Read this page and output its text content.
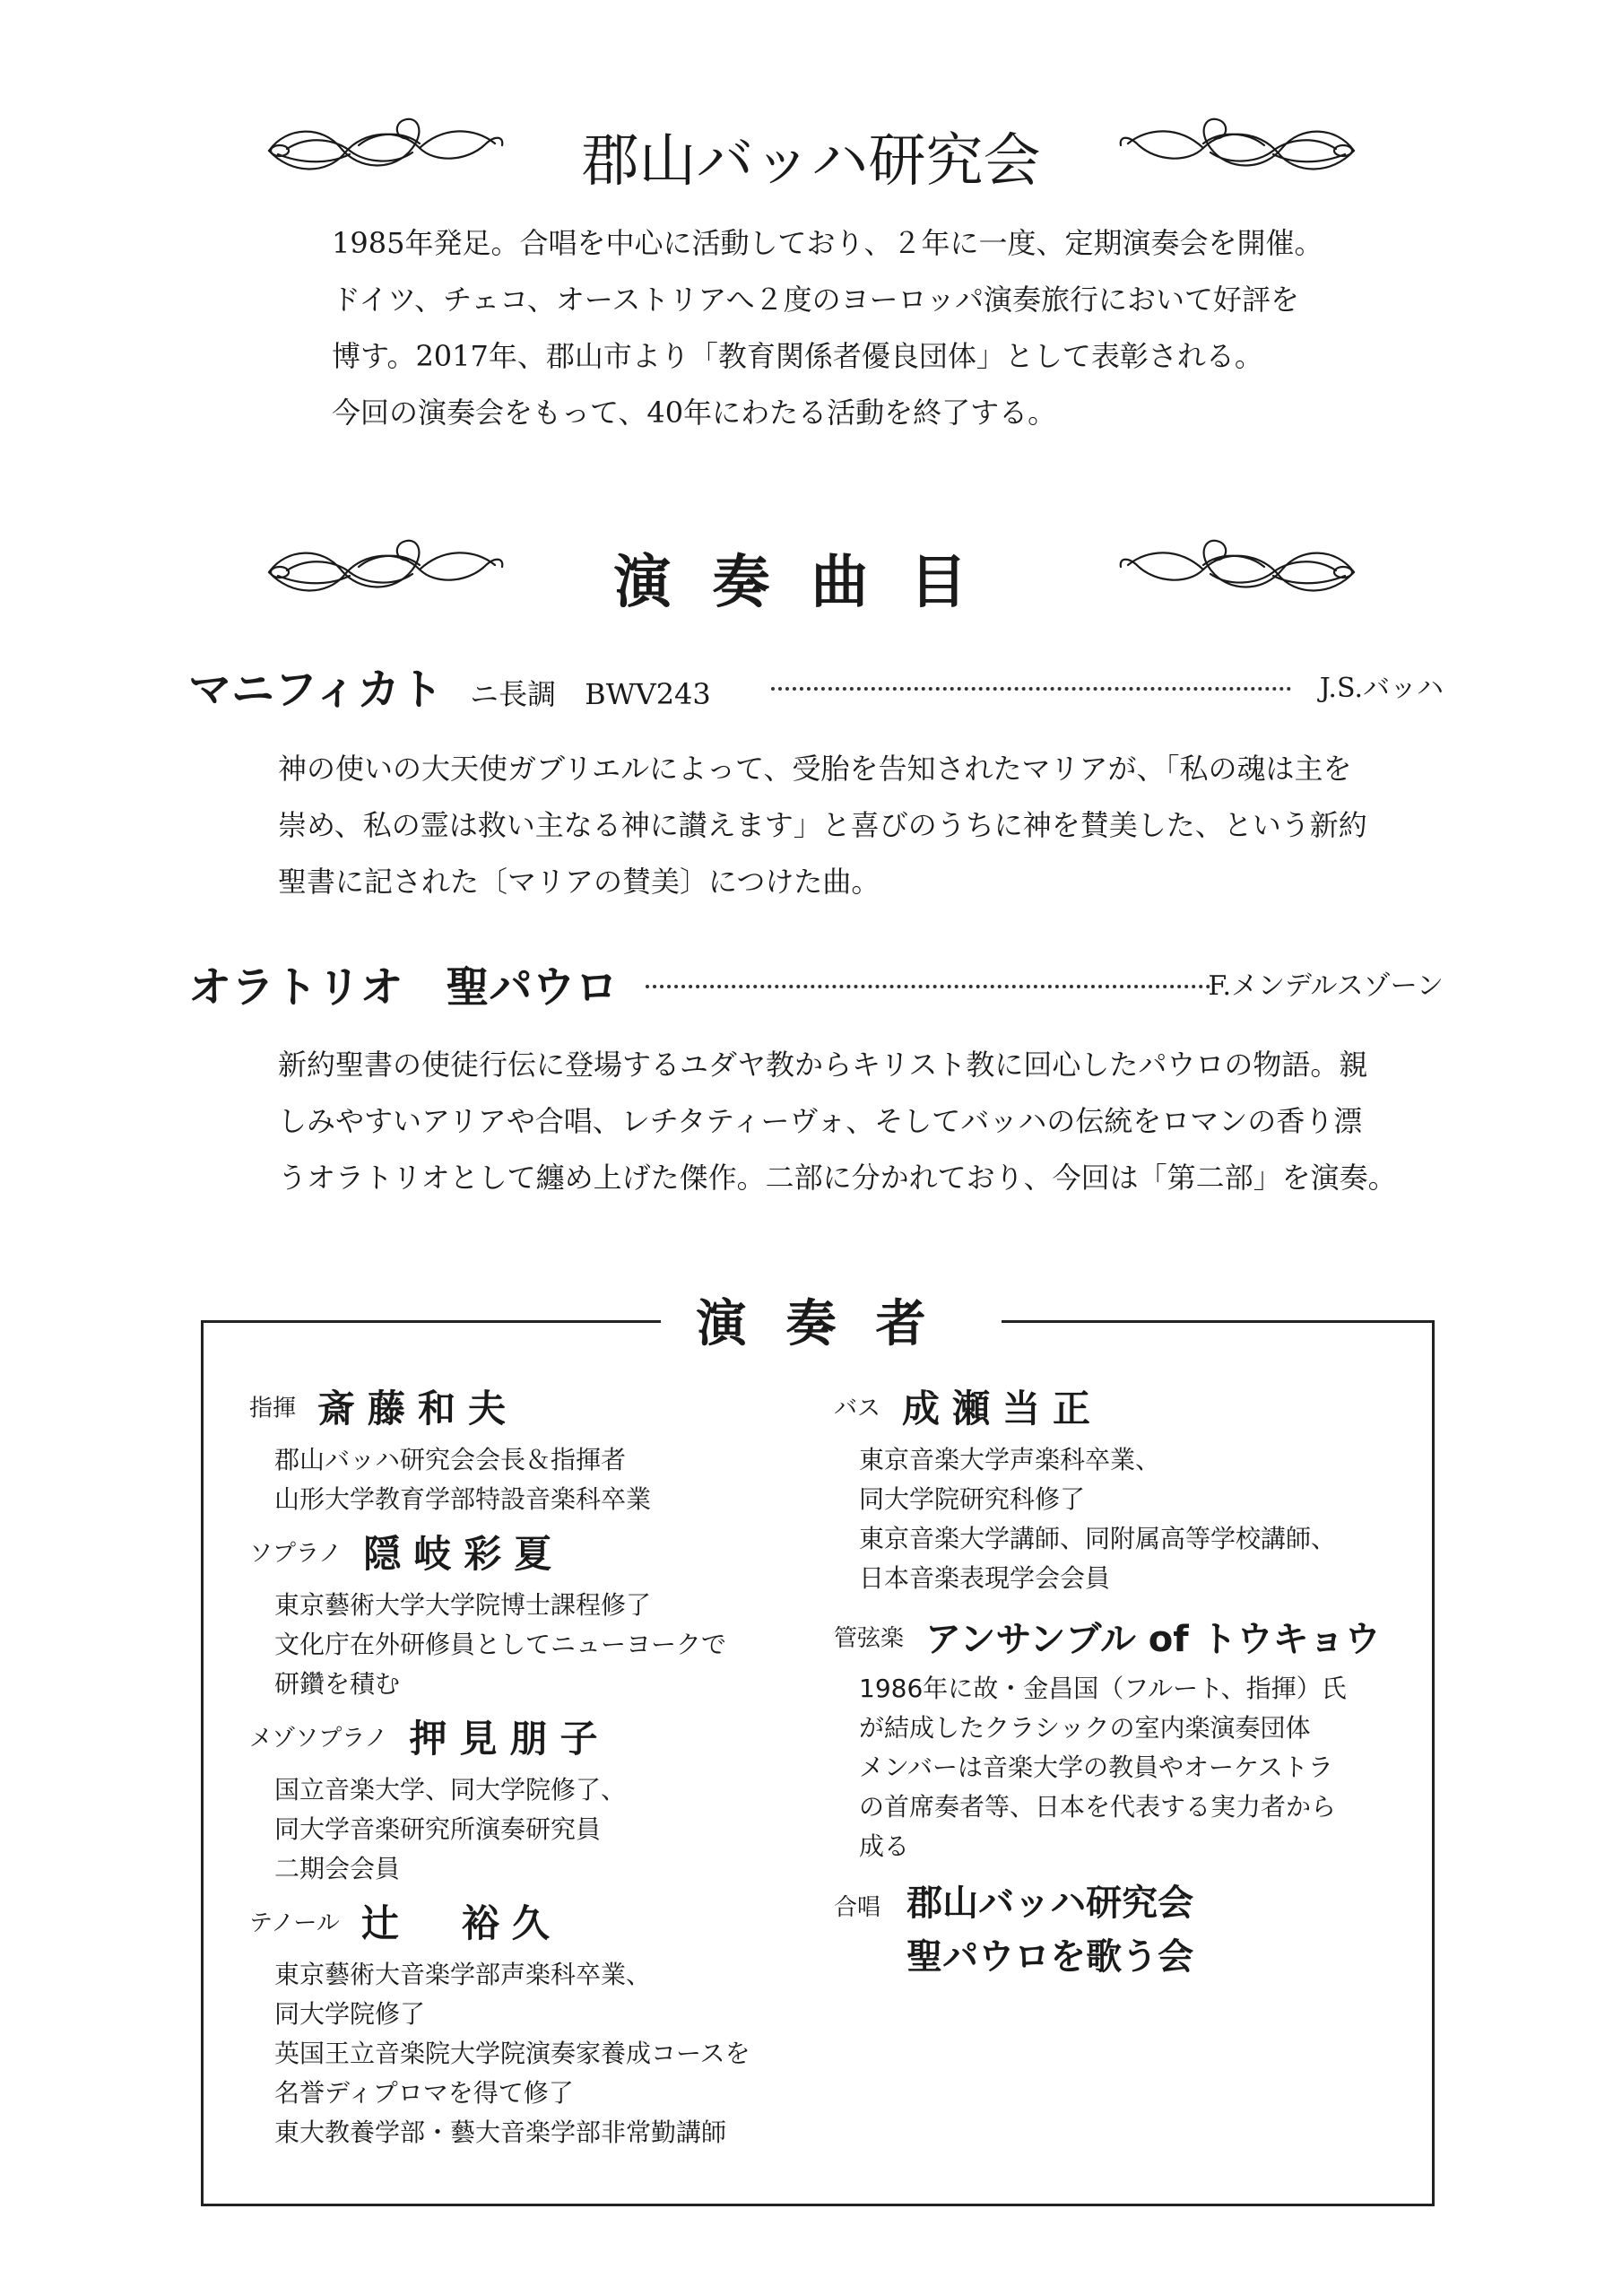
郡山バッハ研究会
1985年発足。合唱を中心に活動しており、２年に一度、定期演奏会を開催。
ドイツ、チェコ、オーストリアへ２度のヨーロッパ演奏旅行において好評を
博す。2017年、郡山市より「教育関係者優良団体」として表彰される。
今回の演奏会をもって、40年にわたる活動を終了する。
演奏曲目
マニフィカト ニ長調　BWV243	J.S.バッハ
神の使いの大天使ガブリエルによって、受胎を告知されたマリアが、「私の魂は主を
崇め、私の霊は救い主なる神に讃えます」と喜びのうちに神を賛美した、という新約
聖書に記された〔マリアの賛美〕につけた曲。
オラトリオ　聖パウロ	F.メンデルスゾーン
新約聖書の使徒行伝に登場するユダヤ教からキリスト教に回心したパウロの物語。親
しみやすいアリアや合唱、レチタティーヴォ、そしてバッハの伝統をロマンの香り漂
うオラトリオとして纏め上げた傑作。二部に分かれており、今回は「第二部」を演奏。
演奏者
指揮 斎藤和夫
郡山バッハ研究会会長＆指揮者
山形大学教育学部特設音楽科卒業
ソプラノ 隠岐彩夏
東京藝術大学大学院博士課程修了
文化庁在外研修員としてニューヨークで
研鑽を積む
メゾソプラノ 押見朋子
国立音楽大学、同大学院修了、
同大学音楽研究所演奏研究員
二期会会員
テノール 辻　裕久
東京藝術大音楽学部声楽科卒業、
同大学院修了
英国王立音楽院大学院演奏家養成コースを
名誉ディプロマを得て修了
東大教養学部・藝大音楽学部非常勤講師
バス 成瀬当正
東京音楽大学声楽科卒業、
同大学院研究科修了
東京音楽大学講師、同附属高等学校講師、
日本音楽表現学会会員
管弦楽 アンサンブル of トウキョウ
1986年に故・金昌国（フルート、指揮）氏
が結成したクラシックの室内楽演奏団体
メンバーは音楽大学の教員やオーケストラ
の首席奏者等、日本を代表する実力者から
成る
合唱 郡山バッハ研究会
聖パウロを歌う会
